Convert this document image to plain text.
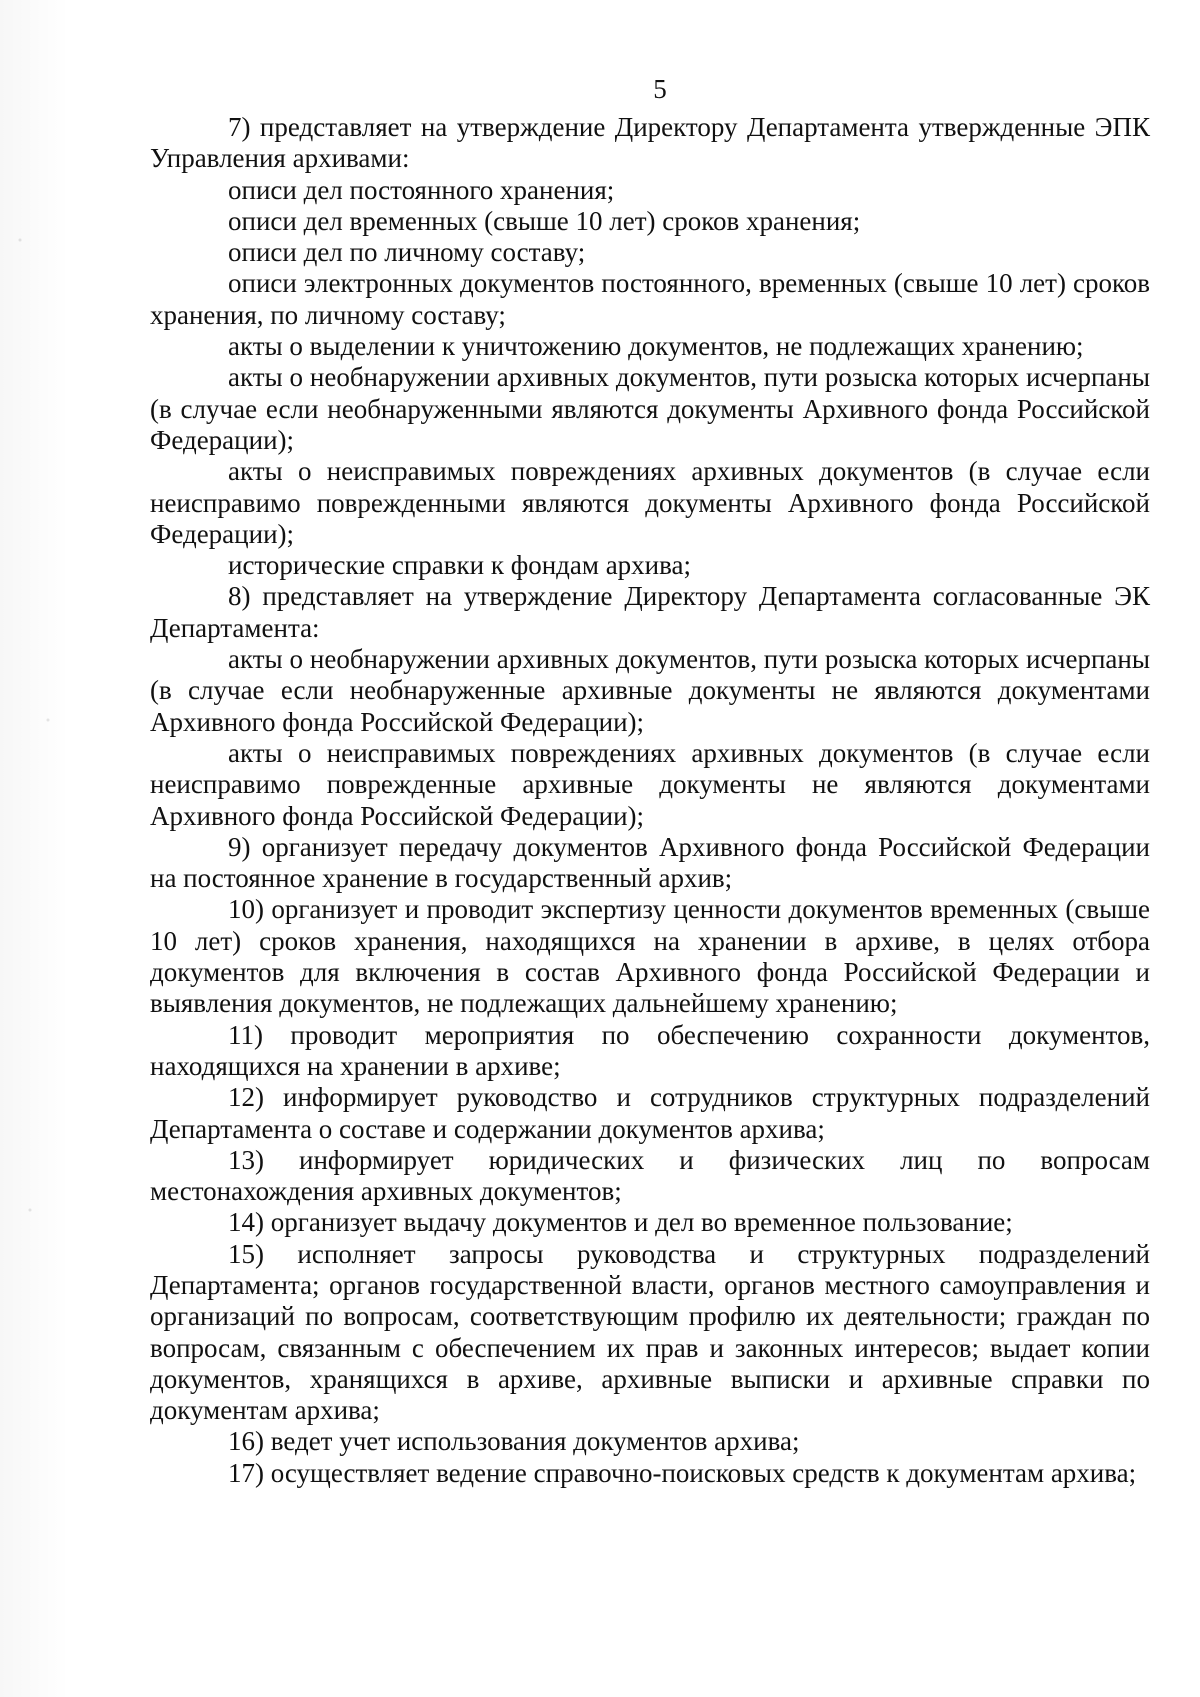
5

7) представляет на утверждение Директору Департамента утвержденные ЭПК Управления архивами:

описи дел постоянного хранения;

описи дел временных (свыше 10 лет) сроков хранения;

описи дел по личному составу;

описи электронных документов постоянного, временных (свыше 10 лет) сроков хранения, по личному составу;

акты о выделении к уничтожению документов, не подлежащих хранению;

акты о необнаружении архивных документов, пути розыска которых исчерпаны (в случае если необнаруженными являются документы Архивного фонда Российской Федерации);

акты о неисправимых повреждениях архивных документов (в случае если неисправимо поврежденными являются документы Архивного фонда Российской Федерации);

исторические справки к фондам архива;

8) представляет на утверждение Директору Департамента согласованные ЭК Департамента:

акты о необнаружении архивных документов, пути розыска которых исчерпаны (в случае если необнаруженные архивные документы не являются документами Архивного фонда Российской Федерации);

акты о неисправимых повреждениях архивных документов (в случае если неисправимо поврежденные архивные документы не являются документами Архивного фонда Российской Федерации);

9) организует передачу документов Архивного фонда Российской Федерации на постоянное хранение в государственный архив;

10) организует и проводит экспертизу ценности документов временных (свыше 10 лет) сроков хранения, находящихся на хранении в архиве, в целях отбора документов для включения в состав Архивного фонда Российской Федерации и выявления документов, не подлежащих дальнейшему хранению;

11) проводит мероприятия по обеспечению сохранности документов, находящихся на хранении в архиве;

12) информирует руководство и сотрудников структурных подразделений Департамента о составе и содержании документов архива;

13) информирует юридических и физических лиц по вопросам местонахождения архивных документов;

14) организует выдачу документов и дел во временное пользование;

15) исполняет запросы руководства и структурных подразделений Департамента; органов государственной власти, органов местного самоуправления и организаций по вопросам, соответствующим профилю их деятельности; граждан по вопросам, связанным с обеспечением их прав и законных интересов; выдает копии документов, хранящихся в архиве, архивные выписки и архивные справки по документам архива;

16) ведет учет использования документов архива;

17) осуществляет ведение справочно-поисковых средств к документам архива;
